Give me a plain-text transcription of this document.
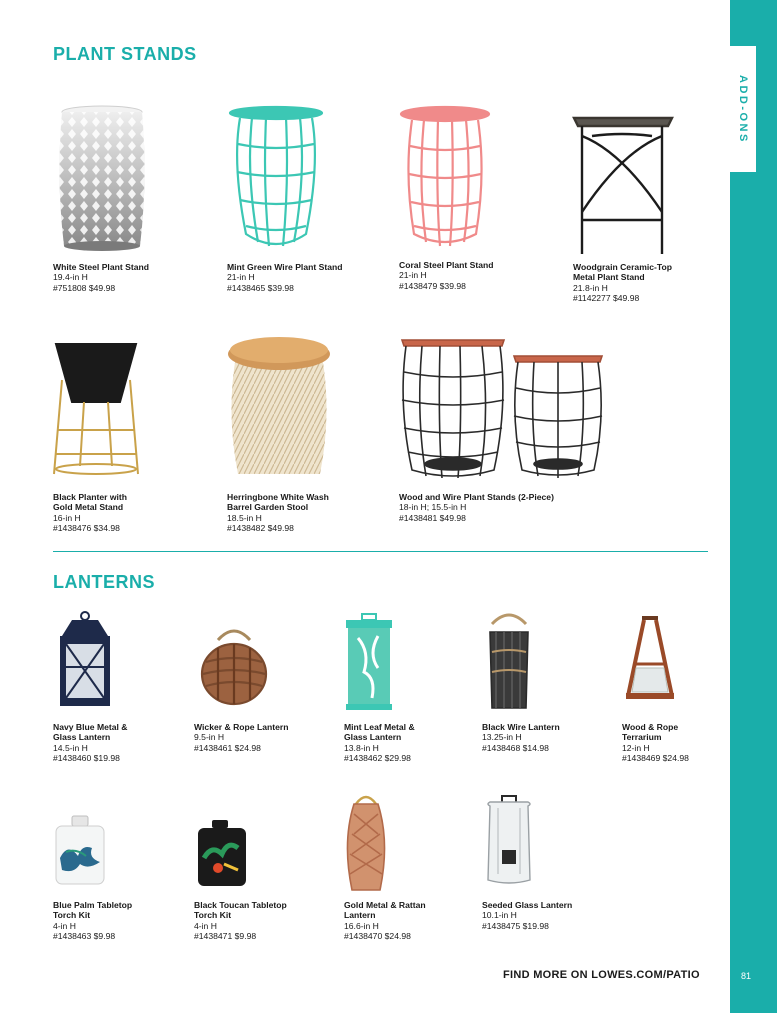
ADD-ONS
PLANT STANDS
LANTERNS
White Steel Plant Stand
19.4-in H
#751808 $49.98
Mint Green Wire Plant Stand
21-in H
#1438465 $39.98
Coral Steel Plant Stand
21-in H
#1438479 $39.98
Woodgrain Ceramic-Top
Metal Plant Stand
21.8-in H
#1142277 $49.98
Black Planter with
Gold Metal Stand
16-in H
#1438476 $34.98
Herringbone White Wash
Barrel Garden Stool
18.5-in H
#1438482 $49.98
Wood and Wire Plant Stands (2-Piece)
18-in H; 15.5-in H
#1438481 $49.98
Navy Blue Metal &
Glass Lantern
14.5-in H
#1438460 $19.98
Wicker & Rope Lantern
9.5-in H
#1438461 $24.98
Mint Leaf Metal &
Glass Lantern
13.8-in H
#1438462 $29.98
Black Wire Lantern
13.25-in H
#1438468 $14.98
Wood & Rope
Terrarium
12-in H
#1438469 $24.98
Blue Palm Tabletop
Torch Kit
4-in H
#1438463 $9.98
Black Toucan Tabletop
Torch Kit
4-in H
#1438471 $9.98
Gold Metal & Rattan
Lantern
16.6-in H
#1438470 $24.98
Seeded Glass Lantern
10.1-in H
#1438475 $19.98
FIND MORE ON LOWES.COM/PATIO	81
